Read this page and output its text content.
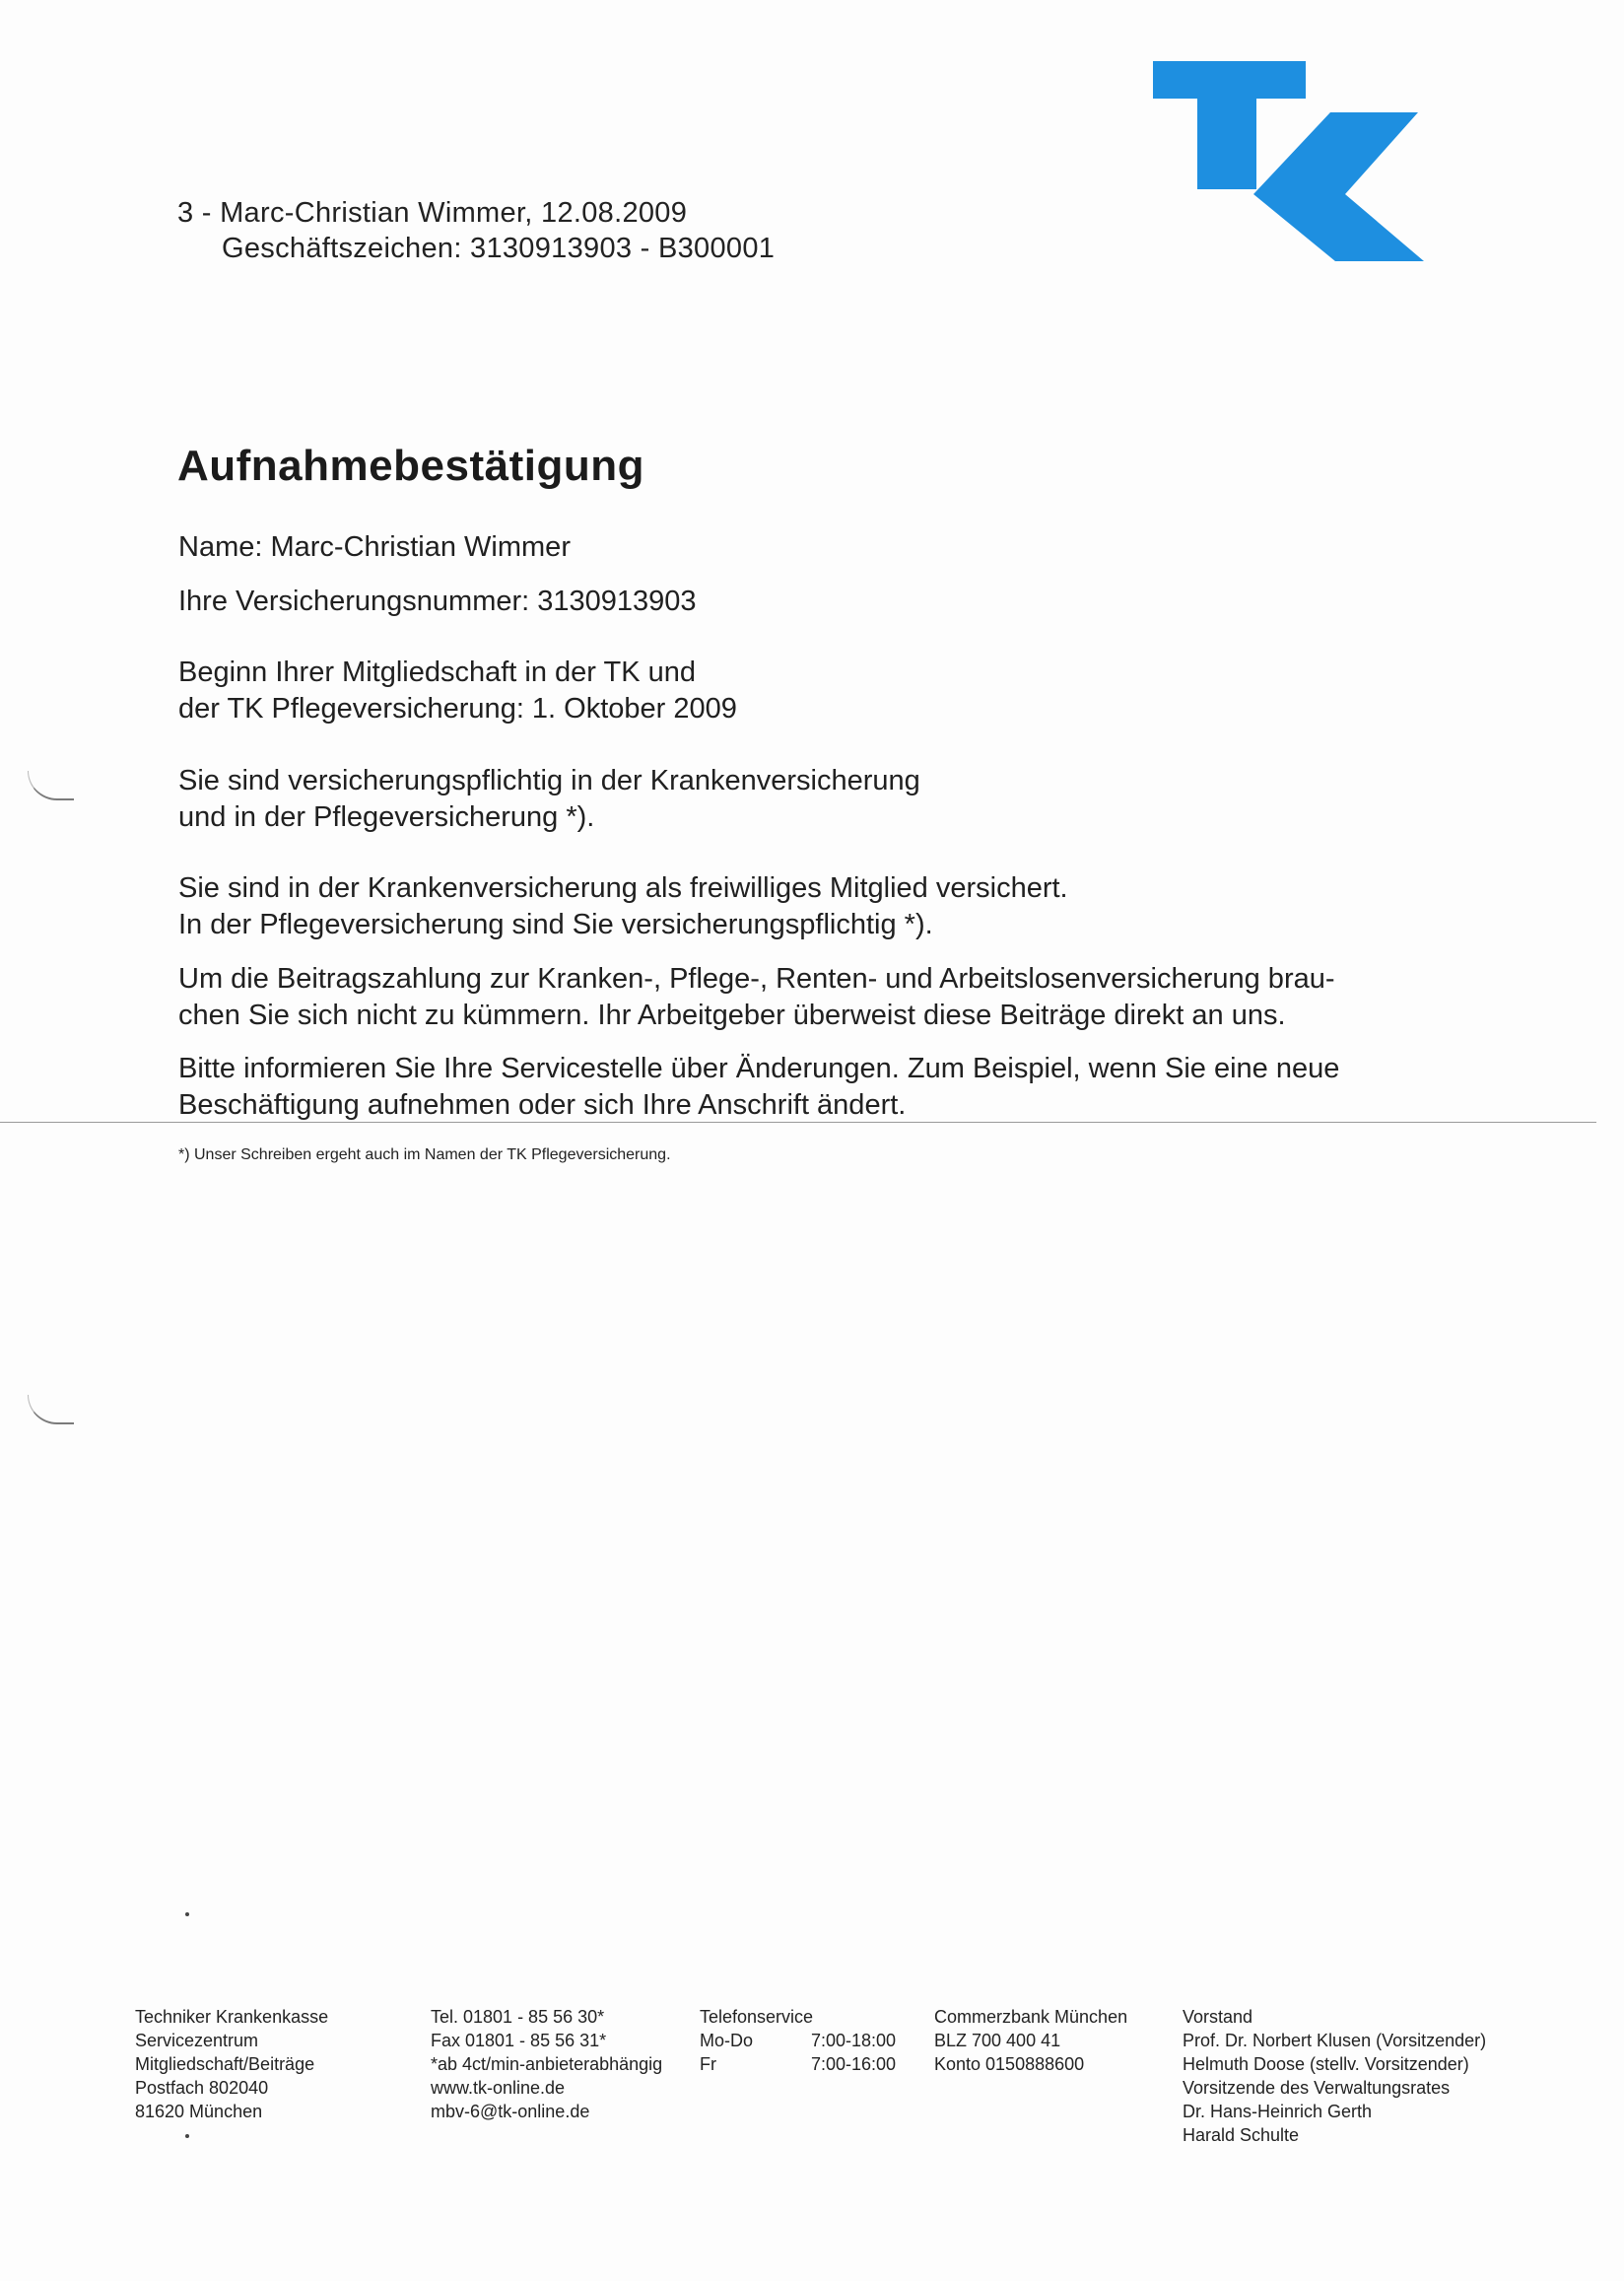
3 - Marc-Christian Wimmer, 12.08.2009
Geschäftszeichen: 3130913903 - B300001
Aufnahmebestätigung
Name: Marc-Christian Wimmer
Ihre Versicherungsnummer: 3130913903
Beginn Ihrer Mitgliedschaft in der TK und
der TK Pflegeversicherung: 1. Oktober 2009
Sie sind versicherungspflichtig in der Krankenversicherung
und in der Pflegeversicherung *).
Sie sind in der Krankenversicherung als freiwilliges Mitglied versichert.
In der Pflegeversicherung sind Sie versicherungspflichtig *).
Um die Beitragszahlung zur Kranken-, Pflege-, Renten- und Arbeitslosenversicherung brau-
chen Sie sich nicht zu kümmern. Ihr Arbeitgeber überweist diese Beiträge direkt an uns.
Bitte informieren Sie Ihre Servicestelle über Änderungen. Zum Beispiel, wenn Sie eine neue
Beschäftigung aufnehmen oder sich Ihre Anschrift ändert.
*) Unser Schreiben ergeht auch im Namen der TK Pflegeversicherung.
Techniker Krankenkasse
Servicezentrum
Mitgliedschaft/Beiträge
Postfach 802040
81620 München
Tel. 01801 - 85 56 30*
Fax 01801 - 85 56 31*
*ab 4ct/min-anbieterabhängig
www.tk-online.de
mbv-6@tk-online.de
Telefonservice
Mo-Do	7:00-18:00
Fr	7:00-16:00
Commerzbank München
BLZ 700 400 41
Konto 0150888600
Vorstand
Prof. Dr. Norbert Klusen (Vorsitzender)
Helmuth Doose (stellv. Vorsitzender)
Vorsitzende des Verwaltungsrates
Dr. Hans-Heinrich Gerth
Harald Schulte
